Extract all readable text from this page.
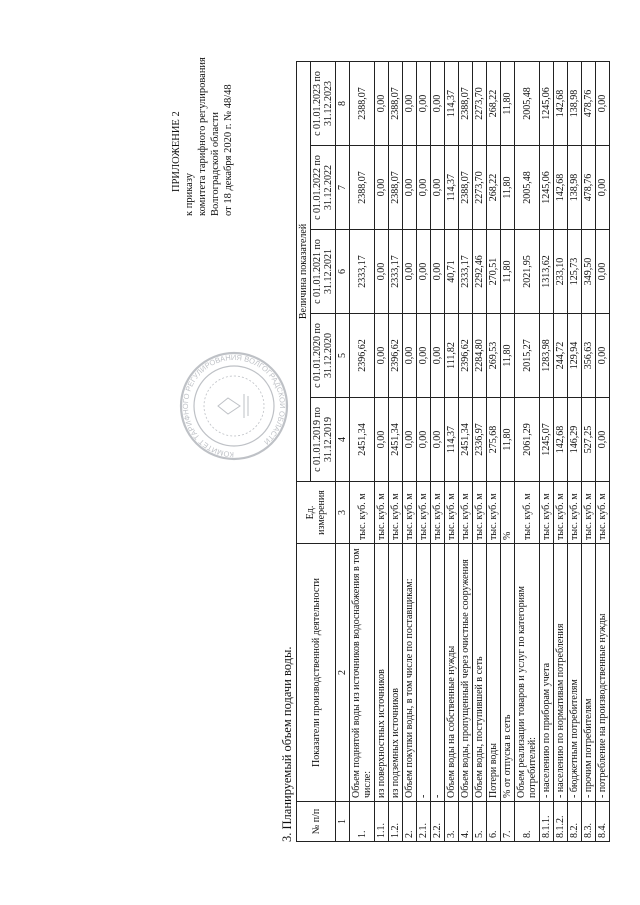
КОМИТЕТ ТАРИФНОГО РЕГУЛИРОВАНИЯ ВОЛГОГРАДСКОЙ ОБЛАСТИ
ПРИЛОЖЕНИЕ 2
к приказу комитета тарифного регулирования Волгоградской области от 18 декабря 2020 г. № 48/48
3. Планируемый объем подачи воды. № п/п	Показатели производственной деятельности	Ед. измерения	Величина показателей				
			с 01.01.2019 по 31.12.2019	с 01.01.2020 по 31.12.2020	с 01.01.2021 по 31.12.2021	с 01.01.2022 по 31.12.2022	с 01.01.2023 по 31.12.2023
1	2	3	4	5	6	7	8
1.	Объем поднятой воды из источников водоснабжения в том числе:	тыс. куб. м	2451,34	2396,62	2333,17	2388,07	2388,07
1.1.	из поверхностных источников	тыс. куб. м	0,00	0,00	0,00	0,00	0,00
1.2.	из подземных источников	тыс. куб. м	2451,34	2396,62	2333,17	2388,07	2388,07
2.	Объем покупки воды, в том числе по поставщикам:	тыс. куб. м	0,00	0,00	0,00	0,00	0,00
2.1.	-	тыс. куб. м	0,00	0,00	0,00	0,00	0,00
2.2.	-	тыс. куб. м	0,00	0,00	0,00	0,00	0,00
3.	Объем воды на собственные нужды	тыс. куб. м	114,37	111,82	40,71	114,37	114,37
4.	Объем воды, пропущенный через очистные сооружения	тыс. куб. м	2451,34	2396,62	2333,17	2388,07	2388,07
5.	Объем воды, поступившей в сеть	тыс. куб. м	2336,97	2284,80	2292,46	2273,70	2273,70
6.	Потери воды	тыс. куб. м	275,68	269,53	270,51	268,22	268,22
7.	% от отпуска в сеть	%	11,80	11,80	11,80	11,80	11,80
8.	Объем реализации товаров и услуг по категориям потребителей:	тыс. куб. м	2061,29	2015,27	2021,95	2005,48	2005,48
8.1.1.	- населению по приборам учета	тыс. куб. м	1245,07	1283,98	1313,62	1245,06	1245,06
8.1.2.	- населению по нормативам потребления	тыс. куб. м	142,68	244,72	233,10	142,68	142,68
8.2.	- бюджетным потребителям	тыс. куб. м	146,29	129,94	125,73	138,98	138,98
8.3.	- прочим потребителям	тыс. куб. м	527,25	356,63	349,50	478,76	478,76
8.4.	- потребление на производственные нужды	тыс. куб. м	0,00	0,00	0,00	0,00	0,00
